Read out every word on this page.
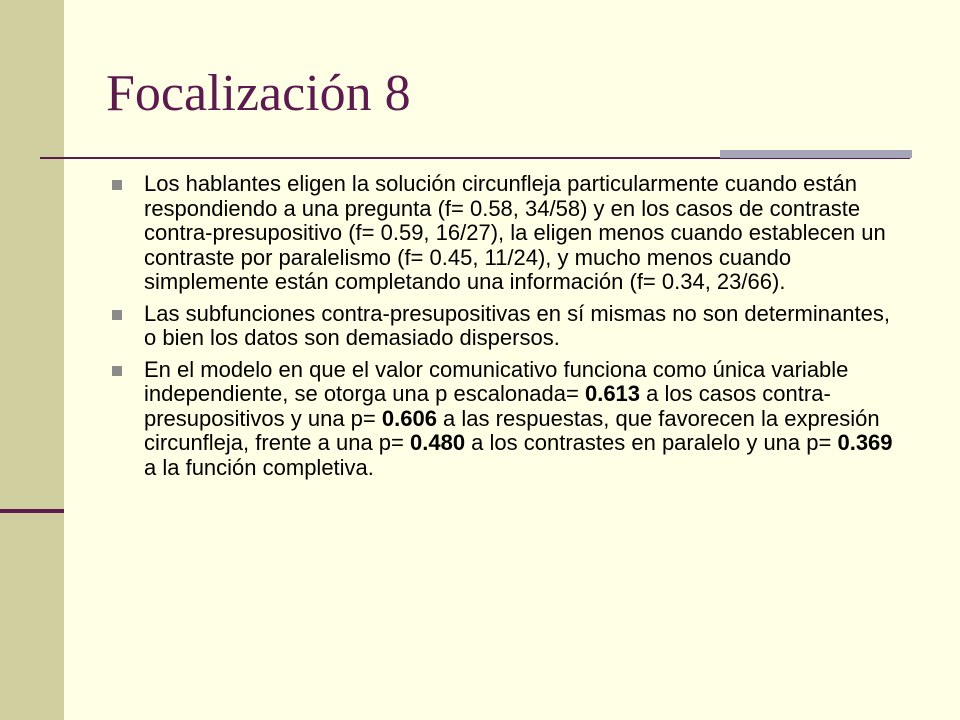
Focalización 8
Los hablantes eligen la solución circunfleja particularmente cuando están respondiendo a una pregunta (f= 0.58, 34/58) y en los casos de contraste contra-presupositivo (f= 0.59, 16/27), la eligen menos cuando establecen un contraste por paralelismo (f= 0.45, 11/24), y mucho menos cuando simplemente están completando una información (f= 0.34, 23/66).
Las subfunciones contra-presupositivas en sí mismas no son determinantes, o bien los datos son demasiado dispersos.
En el modelo en que el valor comunicativo funciona como única variable independiente, se otorga una p escalonada= 0.613 a los casos contra-presupositivos y una p= 0.606 a las respuestas, que favorecen la expresión circunfleja, frente a una p= 0.480 a los contrastes en paralelo y una p= 0.369 a la función completiva.
